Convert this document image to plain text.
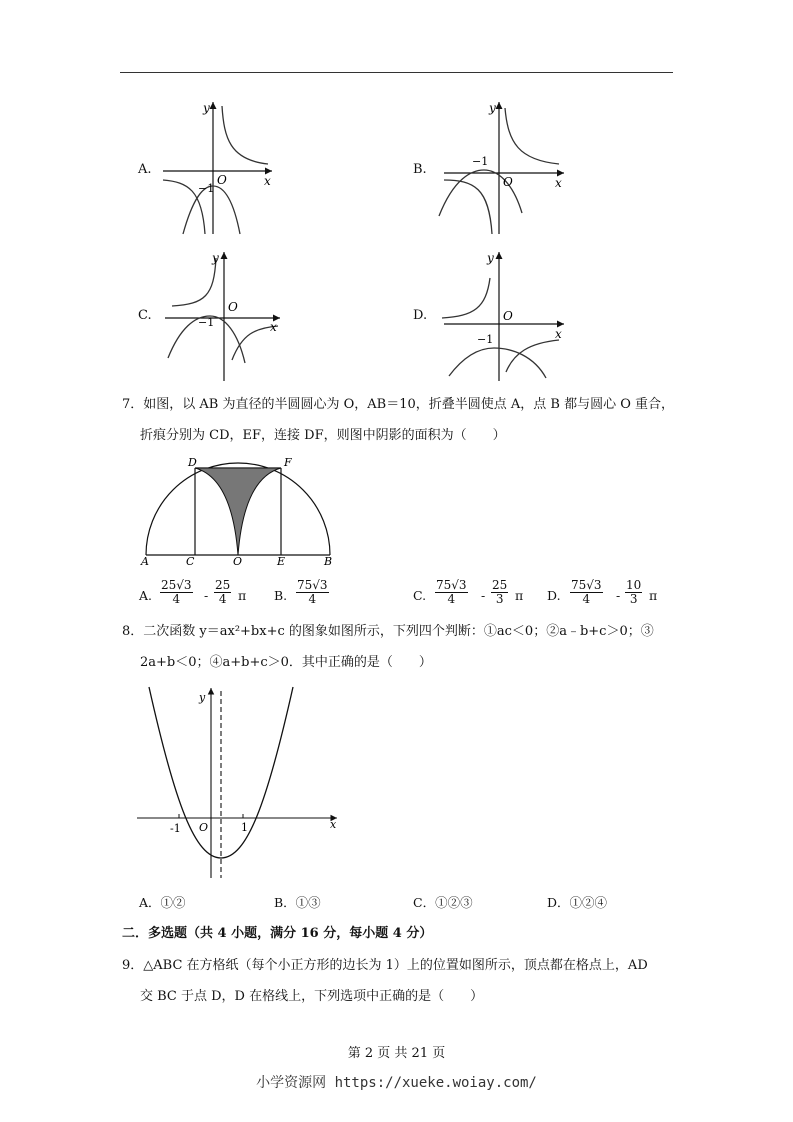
A.
y
x
O
−1
B.
y
x
O
−1
C.
y
x
O
−1	D.
y
x
O
−1
7．如图，以 AB 为直径的半圆圆心为 O，AB＝10，折叠半圆使点 A，点 B 都与圆心 O 重合，
折痕分别为 CD，EF，连接 DF，则图中阴影的面积为（　　）
A	C	O	E	B
D	F
A. $\frac{25√3}{4} - \frac{25}{4}$ π B. $\frac{75√3}{4}$	C. $\frac{75√3}{4} - \frac{25}{3}$ π D. $\frac{75√3}{4} - \frac{10}{3}$ π
8．二次函数 y＝ax²+bx+c 的图象如图所示，下列四个判断：①ac＜0；②a﹣b+c＞0；③
2a+b＜0；④a+b+c＞0．其中正确的是（　　）
y
x
O
-1	1
A．①②	B．①③	C．①②③	D．①②④
二．多选题（共 4 小题，满分 16 分，每小题 4 分）
9．△ABC 在方格纸（每个小正方形的边长为 1）上的位置如图所示，顶点都在格点上，AD
交 BC 于点 D，D 在格线上，下列选项中正确的是（　　）
第 2 页 共 21 页
小学资源网 https://xueke.woiay.com/
